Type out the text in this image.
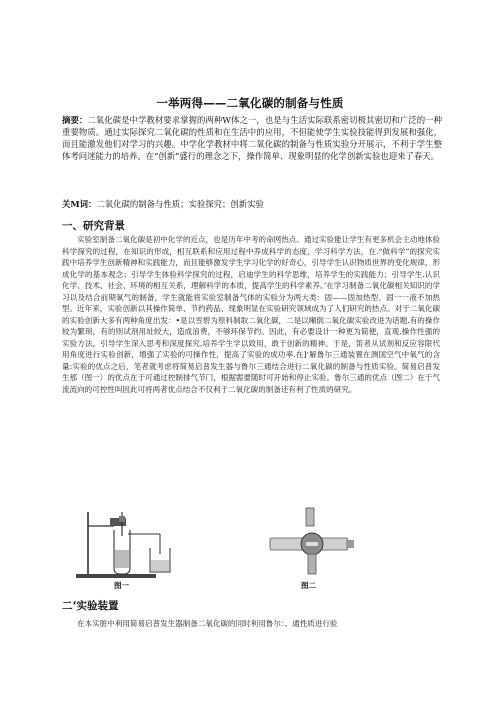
一举两得——二氧化碳的制备与性质
摘要：二氧化碳是中学教材要求掌握的两种W体之一，也是与生活实际联系密切极其密切和广泛的一种重要物质。通过实际探究二氧化碳的性质和在生活中的应用，不但能使学生实验技能得到发展和强化，而且能激发他们对学习的兴趣。中学化学教材中将二氧化碳的制备与性质实验分开展示，不利于学生整体考问迷能力的培养。在“创新”盛行的理念之下，操作简单、现象明显的化学创新实验也迎来了春天。
关M词：二氧化碳的制备与性质；实验探究；创新实验
一、研究背景

实验室制备二氧化碳是初中化学的近点，也是历年中考的命网热点。通过实验能让学生有更多机会主动地体验科学探究的过程，在知识的形成，相互联系和应用过程中养成科学的态度，学习科学方法，在.“做科学”的探究实践中培养学生创新精神和实践能力，而且能够激发学生学习化学的好奇心，引导学生认识物质世界的变化规律，形成化学的基本观念；引导学生体验科学探究的过程，启迪学生的科学思维，培养学生的实践能力；引导学生.认识化学、技术、社会、环境的相互关系，理解科学的本质，提高学生的科学素养。’在学习制备二氧化碳相关知识的学习以及结合前期氧气的制备，学生就能将实验室制备气体的实验分为两大类：固——固加热型、固一一液不加热型。近年来，实验创新以其操作简单、节约药品、现象明显在实验研究领域成为了人们研究的热点。对于二氧化碳的实验创新大多有两种角度出发：•是以雪碧为原料制取二氧化碳，二是以噸倒二氧化碳实验改进为话题.有的操作较为繁琐，有的则试剂用址较大，造成浪费，不够环保节约。因此，有必要设计一种更为简便，直观,操作性强的实验方法，引导学生深入思考和深度探究,培养学生学以致用，敢于创新的精神。于是，笛者从试剂和反应容限代用角度进行实验创新，增强了实验的可操作性，提高了实验的成功率.在]‘解鲁尔三通装置在测国空气中氧气的含量:实验的优点之后，笔者就考虑将简易启普发生器与鲁尔三通结合进行二氧化碳的制备与性质实验。简易启普发生那（图一）的优点在于可通过控制排气节门，根据需要随时可开始和停止实验。鲁尔三通的优点（图二）在于气流流向的可控性叫因此可将两者优点结合不仅利于二氧化碳的制备还有利了性质的研究。

图一	图二
二‘实验装置
在本实脏中利用简易启普发生器制备二氧化碳的同时利用鲁尔：、通性质进行验
